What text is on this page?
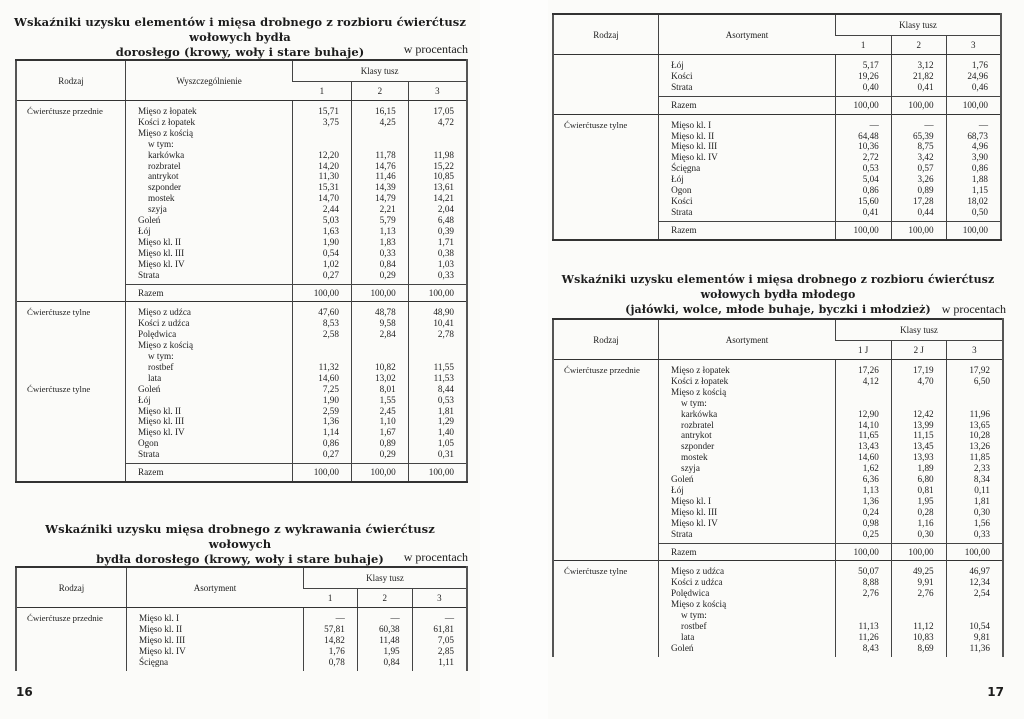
Wskaźniki uzysku elementów i mięsa drobnego z rozbioru ćwierćtusz wołowych bydła
dorosłego (krowy, woły i stare buhaje)	w procentach
Rodzaj	Wyszczególnienie	Klasy tusz		
		1	2	3
Ćwierćtusze przednie	Mięso z łopatek	15,71	16,15	17,05
	Kości z łopatek	3,75	4,25	4,72
	Mięso z kością			
	w tym:			
	karkówka	12,20	11,78	11,98
	rozbratel	14,20	14,76	15,22
	antrykot	11,30	11,46	10,85
	szponder	15,31	14,39	13,61
	mostek	14,70	14,79	14,21
	szyja	2,44	2,21	2,04
	Goleń	5,03	5,79	6,48
	Łój	1,63	1,13	0,39
	Mięso kl. II	1,90	1,83	1,71
	Mięso kl. III	0,54	0,33	0,38
	Mięso kl. IV	1,02	0,84	1,03
	Strata	0,27	0,29	0,33
	Razem	100,00	100,00	100,00
Ćwierćtusze tylne	Mięso z udźca	47,60	48,78	48,90
	Kości z udźca	8,53	9,58	10,41
	Polędwica	2,58	2,84	2,78
	Mięso z kością			
	w tym:			
	rostbef	11,32	10,82	11,55
	lata	14,60	13,02	11,53
Ćwierćtusze tylne	Goleń	7,25	8,01	8,44
	Łój	1,90	1,55	0,53
	Mięso kl. II	2,59	2,45	1,81
	Mięso kl. III	1,36	1,10	1,29
	Mięso kl. IV	1,14	1,67	1,40
	Ogon	0,86	0,89	1,05
	Strata	0,27	0,29	0,31
	Razem	100,00	100,00	100,00
Wskaźniki uzysku mięsa drobnego z wykrawania ćwierćtusz wołowych
bydła dorosłego (krowy, woły i stare buhaje)	w procentach
Rodzaj	Asortyment	Klasy tusz		
		1	2	3
Ćwierćtusze przednie	Mięso kl. I	—	—	—
	Mięso kl. II	57,81	60,38	61,81
	Mięso kl. III	14,82	11,48	7,05
	Mięso kl. IV	1,76	1,95	2,85
	Ścięgna	0,78	0,84	1,11
16
Rodzaj	Asortyment	Klasy tusz		
		1	2	3
	Łój	5,17	3,12	1,76
	Kości	19,26	21,82	24,96
	Strata	0,40	0,41	0,46
	Razem	100,00	100,00	100,00
Ćwierćtusze tylne	Mięso kl. I	—	—	—
	Mięso kl. II	64,48	65,39	68,73
	Mięso kl. III	10,36	8,75	4,96
	Mięso kl. IV	2,72	3,42	3,90
	Ścięgna	0,53	0,57	0,86
	Łój	5,04	3,26	1,88
	Ogon	0,86	0,89	1,15
	Kości	15,60	17,28	18,02
	Strata	0,41	0,44	0,50
	Razem	100,00	100,00	100,00
Wskaźniki uzysku elementów i mięsa drobnego z rozbioru ćwierćtusz wołowych bydła młodego
(jałówki, wolce, młode buhaje, byczki i młodzież) w procentach
Rodzaj	Asortyment	Klasy tusz		
		1 J	2 J	3
Ćwierćtusze przednie	Mięso z łopatek	17,26	17,19	17,92
	Kości z łopatek	4,12	4,70	6,50
	Mięso z kością			
	w tym:			
	karkówka	12,90	12,42	11,96
	rozbratel	14,10	13,99	13,65
	antrykot	11,65	11,15	10,28
	szponder	13,43	13,45	13,26
	mostek	14,60	13,93	11,85
	szyja	1,62	1,89	2,33
	Goleń	6,36	6,80	8,34
	Łój	1,13	0,81	0,11
	Mięso kl. I	1,36	1,95	1,81
	Mięso kl. III	0,24	0,28	0,30
	Mięso kl. IV	0,98	1,16	1,56
	Strata	0,25	0,30	0,33
	Razem	100,00	100,00	100,00
Ćwierćtusze tylne	Mięso z udźca	50,07	49,25	46,97
	Kości z udźca	8,88	9,91	12,34
	Polędwica	2,76	2,76	2,54
	Mięso z kością			
	w tym:			
	rostbef	11,13	11,12	10,54
	lata	11,26	10,83	9,81
	Goleń	8,43	8,69	11,36
17
